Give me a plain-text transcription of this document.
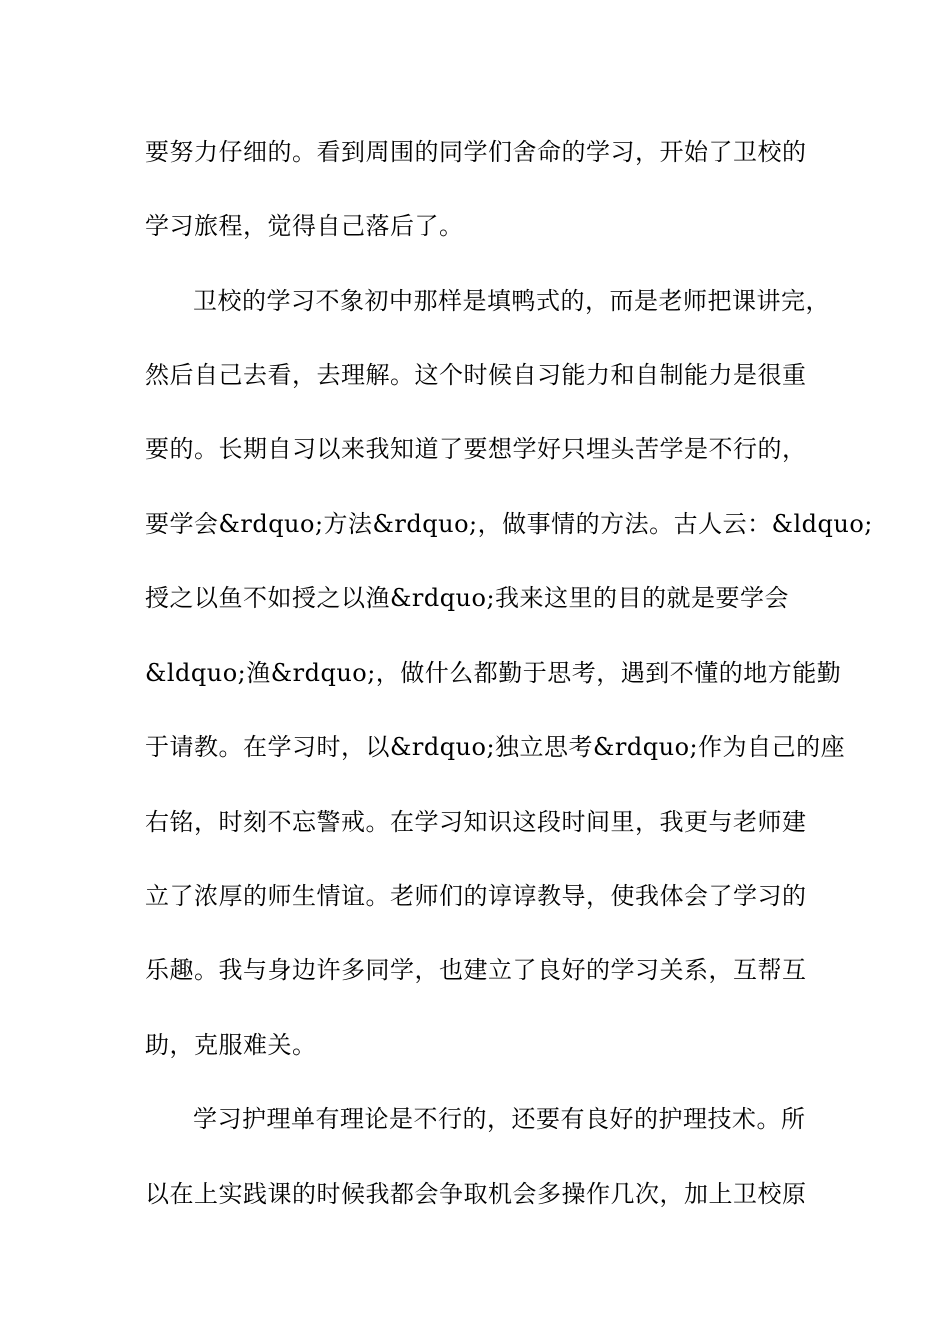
要努力仔细的。看到周围的同学们舍命的学习，开始了卫校的
学习旅程，觉得自己落后了。
卫校的学习不象初中那样是填鸭式的，而是老师把课讲完，
然后自己去看，去理解。这个时候自习能力和自制能力是很重
要的。长期自习以来我知道了要想学好只埋头苦学是不行的，
要学会&rdquo;方法&rdquo;，做事情的方法。古人云：&ldquo;
授之以鱼不如授之以渔&rdquo;我来这里的目的就是要学会
&ldquo;渔&rdquo;，做什么都勤于思考，遇到不懂的地方能勤
于请教。在学习时，以&rdquo;独立思考&rdquo;作为自己的座
右铭，时刻不忘警戒。在学习知识这段时间里，我更与老师建
立了浓厚的师生情谊。老师们的谆谆教导，使我体会了学习的
乐趣。我与身边许多同学，也建立了良好的学习关系，互帮互
助，克服难关。
学习护理单有理论是不行的，还要有良好的护理技术。所
以在上实践课的时候我都会争取机会多操作几次，加上卫校原
